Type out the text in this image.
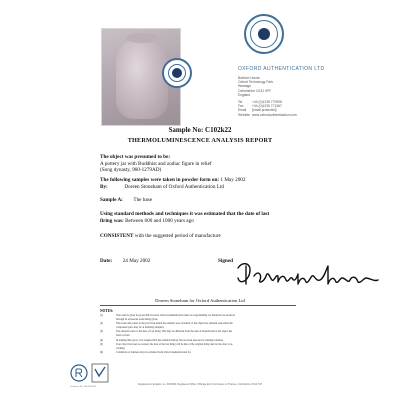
OXFORD AUTHENTICATION LTD
Bartlom House
Oxford Technology Park
Wantage
Oxfordshire OX12 9FF
England
Tel	+44 (0)1235 770998
Fax	+44 (0)1235 771367
Email [email protected]
Website www.oxfordauthentication.com
Sample No: C102k22
THERMOLUMINESCENCE ANALYSIS REPORT
The object was presumed to be:
A pottery jar with Buddhist and zodiac figure in relief
(Song dynasty, 960-1279AD)
The following samples were taken in powder form on: 1 May 2002
By:	Doreen Stoneham of Oxford Authentication Ltd
Sample A: The base
Using standard methods and techniques it was estimated that the date of last
firing was: Between 600 and 1000 years ago
CONSISTENT with the suggested period of manufacture
Date: 24 May 2002	Signed
Doreen Stoneham for Oxford Authentication Ltd
NOTES:
(1)	The result is given in good faith; however Oxford Authentication takes no responsibility for financial loss incurred
through an erroneous result being given.
(2)	The result only refers to the part from which the samples were obtained. If the object has suffered restoration the
component parts may be of differing antiquity.
(3)	The analysis refers to the date of last firing. This may be different from the date of manufacture if the object has
been re-fired.
(4)	In making this report, it is assumed that the radiation history has not been exposed to ionising radiation.
(5)	If an object has been re-worked, the date of the last firing will be that of the original firing and not the date of re-
working.
(6)	Conditions of business may be obtained from Oxford Authentication Ltd
Registered in England, no. 3251500. Registered Office: 8 Bridge End, Dorchester on Thames, Oxfordshire OX10 7JP
Certificate No. 100/10079/01
